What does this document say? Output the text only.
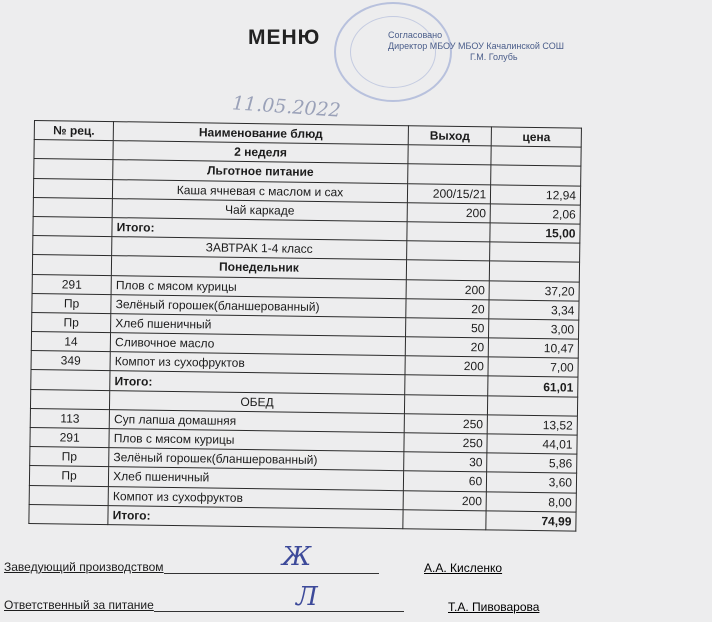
МЕНЮ	Согласовано
Директор МБОУ МБОУ Качалинской СОШ
Г.М. Голубь
11.05.2022
№ рец.	Наименование блюд	Выход	цена
	2 неделя		
	Льготное питание		
	Каша ячневая с маслом и сах	200/15/21	12,94
	Чай каркаде	200	2,06
	Итого:		15,00
	ЗАВТРАК 1-4 класс		
	Понедельник		
291	Плов с мясом курицы	200	37,20
Пр	Зелёный горошек(бланшерованный)	20	3,34
Пр	Хлеб пшеничный	50	3,00
14	Сливочное масло	20	10,47
349	Компот из сухофруктов	200	7,00
	Итого:		61,01
	ОБЕД		
113	Суп лапша домашняя	250	13,52
291	Плов с мясом курицы	250	44,01
Пр	Зелёный горошек(бланшерованный)	30	5,86
Пр	Хлеб пшеничный	60	3,60
	Компот из сухофруктов	200	8,00
	Итого:		74,99
Заведующий производством	Ж	А.А. Кисленко
Ответственный за питание	Л	Т.А. Пивоварова
